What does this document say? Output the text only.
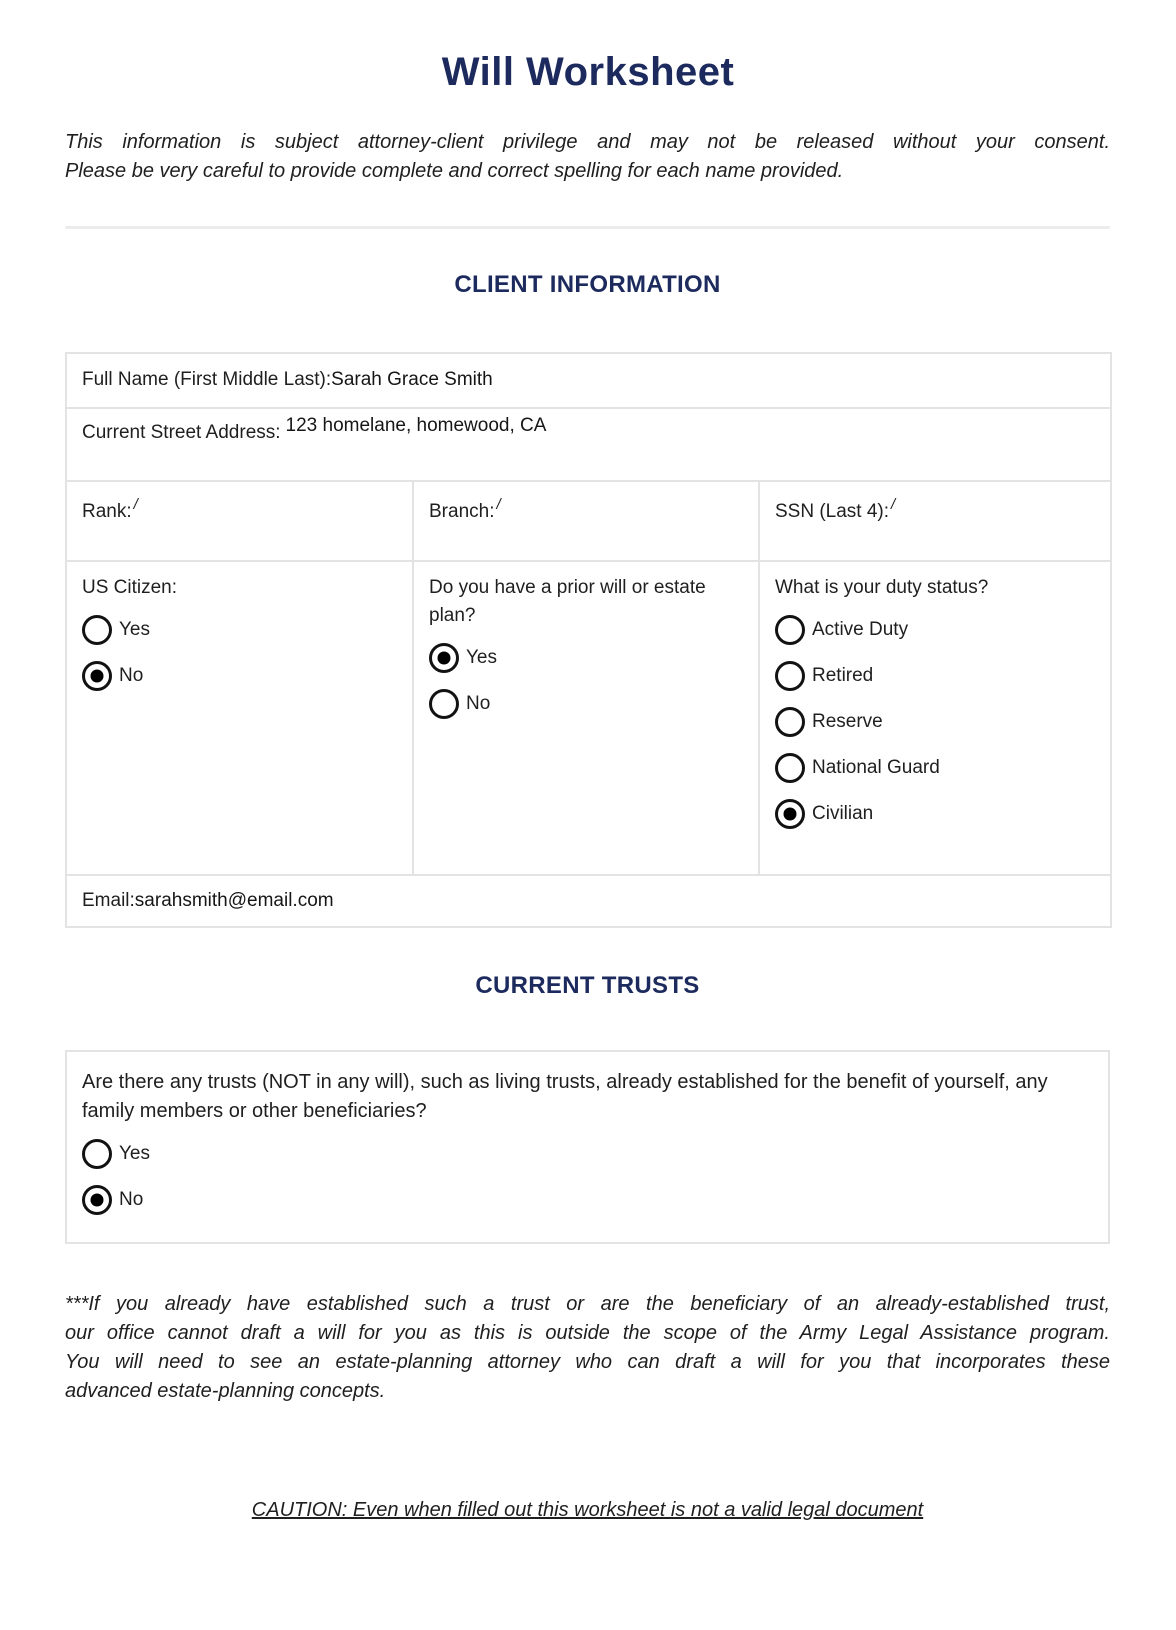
Will Worksheet
This information is subject attorney-client privilege and may not be released without your consent.
Please be very careful to provide complete and correct spelling for each name provided.
CLIENT INFORMATION
Full Name (First Middle Last):Sarah Grace Smith		
Current Street Address: 123 homelane, homewood, CA		
Rank: /	Branch: /	SSN (Last 4): /

US Citizen:

Yes
No

Do you have a prior will or estate plan?

Yes
No

What is your duty status?

Active Duty
Retired
Reserve
National Guard
Civilian

Email:sarahsmith@email.com		
CURRENT TRUSTS
Are there any trusts (NOT in any will), such as living trusts, already established for the benefit of yourself, any family members or other beneficiaries?
Yes
No
***If you already have established such a trust or are the beneficiary of an already-established trust,
our office cannot draft a will for you as this is outside the scope of the Army Legal Assistance program.
You will need to see an estate-planning attorney who can draft a will for you that incorporates these
advanced estate-planning concepts.
CAUTION: Even when filled out this worksheet is not a valid legal document
